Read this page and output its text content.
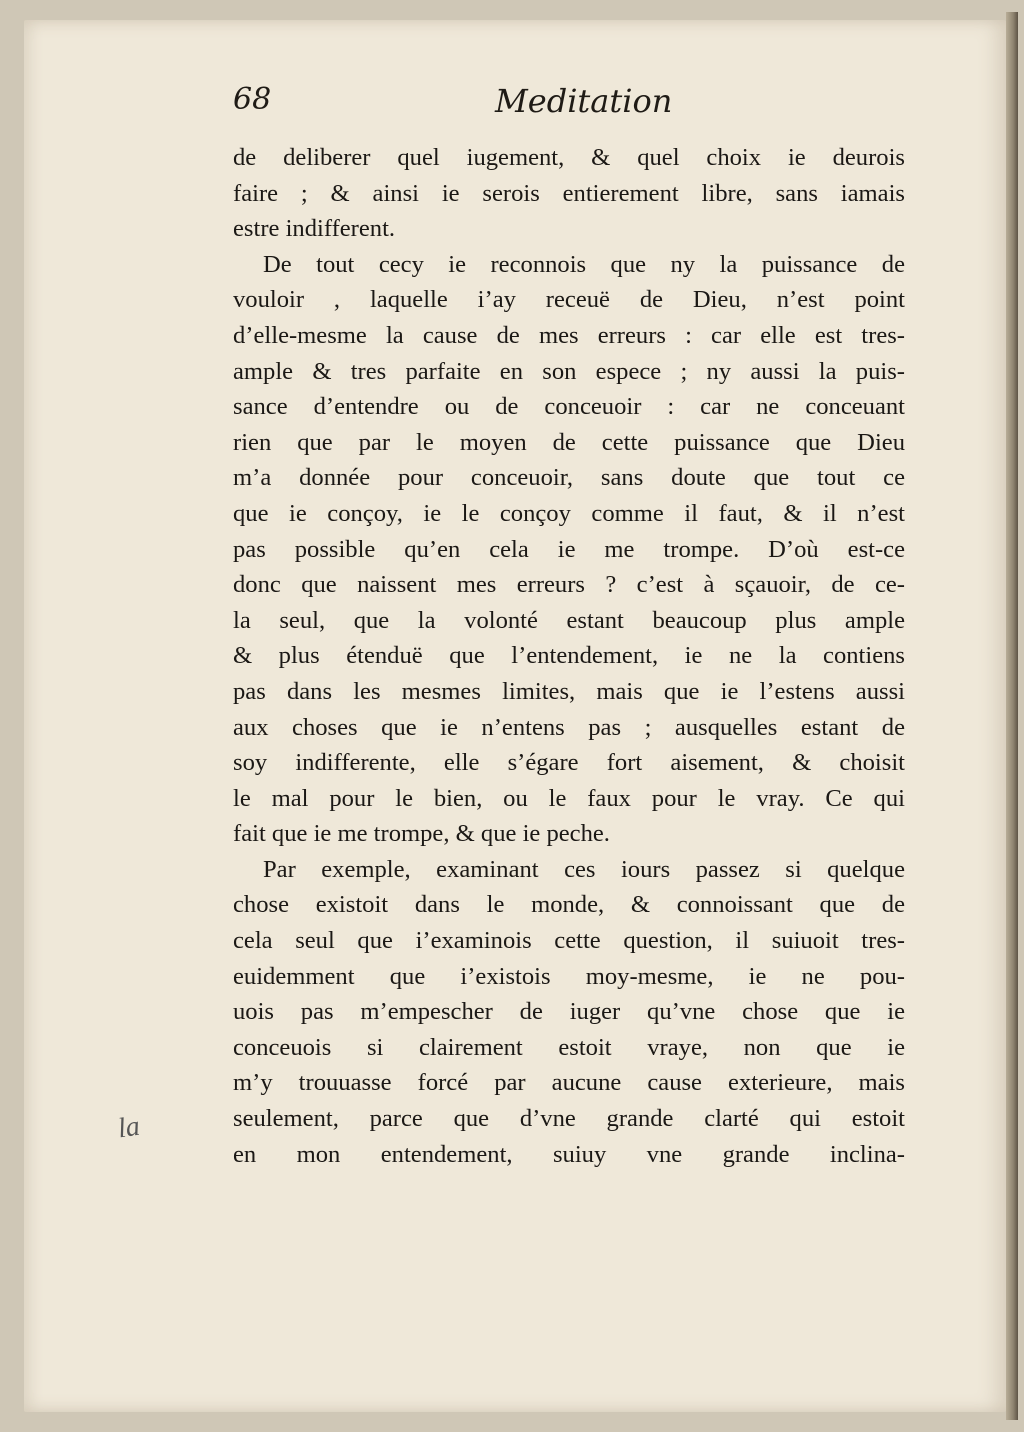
68	Meditation
de deliberer quel iugement, & quel choix ie deurois
faire ; & ainsi ie serois entierement libre, sans iamais
estre indifferent.
De tout cecy ie reconnois que ny la puissance de
vouloir , laquelle i’ay receuë de Dieu, n’est point
d’elle-mesme la cause de mes erreurs : car elle est tres-
ample & tres parfaite en son espece ; ny aussi la puis-
sance d’entendre ou de conceuoir : car ne conceuant
rien que par le moyen de cette puissance que Dieu
m’a donnée pour conceuoir, sans doute que tout ce
que ie conçoy, ie le conçoy comme il faut, & il n’est
pas possible qu’en cela ie me trompe. D’où est-ce
donc que naissent mes erreurs ? c’est à sçauoir, de ce-
la seul, que la volonté estant beaucoup plus ample
& plus étenduë que l’entendement, ie ne la contiens
pas dans les mesmes limites, mais que ie l’estens aussi
aux choses que ie n’entens pas ; ausquelles estant de
soy indifferente, elle s’égare fort aisement, & choisit
le mal pour le bien, ou le faux pour le vray. Ce qui
fait que ie me trompe, & que ie peche.
Par exemple, examinant ces iours passez si quelque
chose existoit dans le monde, & connoissant que de
cela seul que i’examinois cette question, il suiuoit tres-
euidemment que i’existois moy-mesme, ie ne pou-
uois pas m’empescher de iuger qu’vne chose que ie
conceuois si clairement estoit vraye, non que ie
m’y trouuasse forcé par aucune cause exterieure, mais
seulement, parce que d’vne grande clarté qui estoit
en mon entendement, suiuy vne grande inclina-
la
